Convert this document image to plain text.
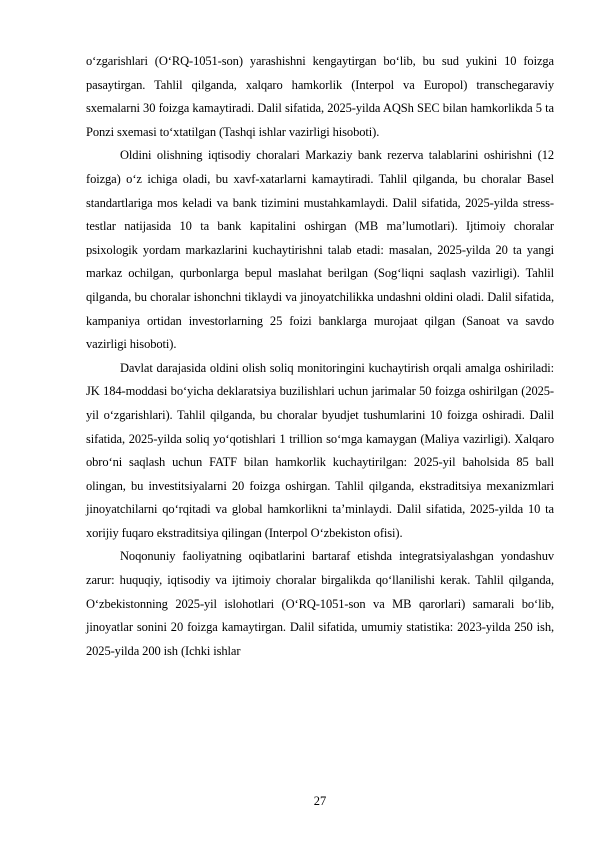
o‘zgarishlari (O‘RQ-1051-son) yarashishni kengaytirgan bo‘lib, bu sud yukini 10 foizga pasaytirgan. Tahlil qilganda, xalqaro hamkorlik (Interpol va Europol) transchegaraviy sxemalarni 30 foizga kamaytiradi. Dalil sifatida, 2025-yilda AQSh SEC bilan hamkorlikda 5 ta Ponzi sxemasi to‘xtatilgan (Tashqi ishlar vazirligi hisoboti).

Oldini olishning iqtisodiy choralari Markaziy bank rezerva talablarini oshirishni (12 foizga) o‘z ichiga oladi, bu xavf-xatarlarni kamaytiradi. Tahlil qilganda, bu choralar Basel standartlariga mos keladi va bank tizimini mustahkamlaydi. Dalil sifatida, 2025-yilda stress-testlar natijasida 10 ta bank kapitalini oshirgan (MB ma’lumotlari). Ijtimoiy choralar psixologik yordam markazlarini kuchaytirishni talab etadi: masalan, 2025-yilda 20 ta yangi markaz ochilgan, qurbonlarga bepul maslahat berilgan (Sog‘liqni saqlash vazirligi). Tahlil qilganda, bu choralar ishonchni tiklaydi va jinoyatchilikka undashni oldini oladi. Dalil sifatida, kampaniya ortidan investorlarning 25 foizi banklarga murojaat qilgan (Sanoat va savdo vazirligi hisoboti).

Davlat darajasida oldini olish soliq monitoringini kuchaytirish orqali amalga oshiriladi: JK 184-moddasi bo‘yicha deklaratsiya buzilishlari uchun jarimalar 50 foizga oshirilgan (2025-yil o‘zgarishlari). Tahlil qilganda, bu choralar byudjet tushumlarini 10 foizga oshiradi. Dalil sifatida, 2025-yilda soliq yo‘qotishlari 1 trillion so‘mga kamaygan (Maliya vazirligi). Xalqaro obro‘ni saqlash uchun FATF bilan hamkorlik kuchaytirilgan: 2025-yil baholsida 85 ball olingan, bu investitsiyalarni 20 foizga oshirgan. Tahlil qilganda, ekstraditsiya mexanizmlari jinoyatchilarni qo‘rqitadi va global hamkorlikni ta’minlaydi. Dalil sifatida, 2025-yilda 10 ta xorijiy fuqaro ekstraditsiya qilingan (Interpol O‘zbekiston ofisi).

Noqonuniy faoliyatning oqibatlarini bartaraf etishda integratsiyalashgan yondashuv zarur: huquqiy, iqtisodiy va ijtimoiy choralar birgalikda qo‘llanilishi kerak. Tahlil qilganda, O‘zbekistonning 2025-yil islohotlari (O‘RQ-1051-son va MB qarorlari) samarali bo‘lib, jinoyatlar sonini 20 foizga kamaytirgan. Dalil sifatida, umumiy statistika: 2023-yilda 250 ish, 2025-yilda 200 ish (Ichki ishlar

27
